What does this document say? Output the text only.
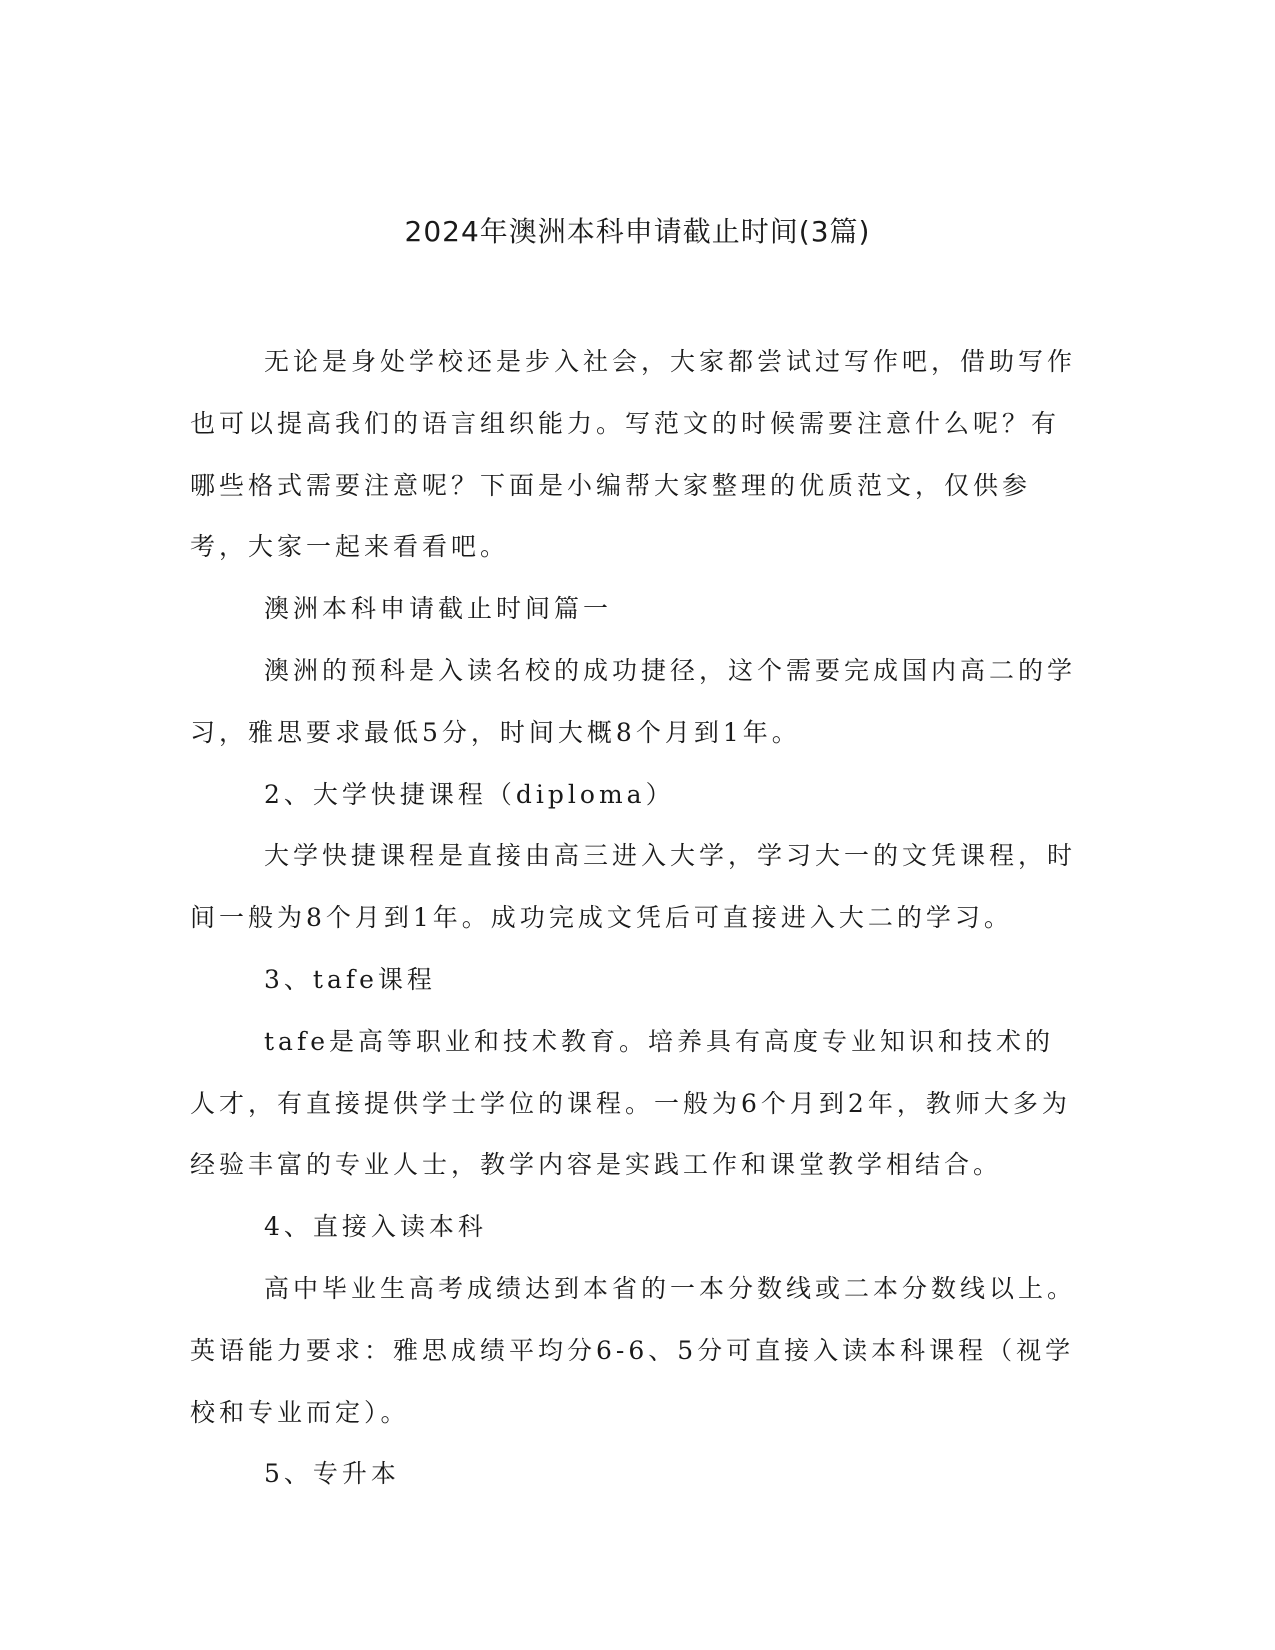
2024年澳洲本科申请截止时间(3篇)

无论是身处学校还是步入社会，大家都尝试过写作吧，借助写作也可以提高我们的语言组织能力。写范文的时候需要注意什么呢？有哪些格式需要注意呢？下面是小编帮大家整理的优质范文，仅供参考，大家一起来看看吧。

澳洲本科申请截止时间篇一

澳洲的预科是入读名校的成功捷径，这个需要完成国内高二的学习，雅思要求最低5分，时间大概8个月到1年。

2、大学快捷课程（diploma）

大学快捷课程是直接由高三进入大学，学习大一的文凭课程，时间一般为8个月到1年。成功完成文凭后可直接进入大二的学习。

3、tafe课程

tafe是高等职业和技术教育。培养具有高度专业知识和技术的人才，有直接提供学士学位的课程。一般为6个月到2年，教师大多为经验丰富的专业人士，教学内容是实践工作和课堂教学相结合。

4、直接入读本科

高中毕业生高考成绩达到本省的一本分数线或二本分数线以上。英语能力要求：雅思成绩平均分6-6、5分可直接入读本科课程（视学校和专业而定）。

5、专升本
